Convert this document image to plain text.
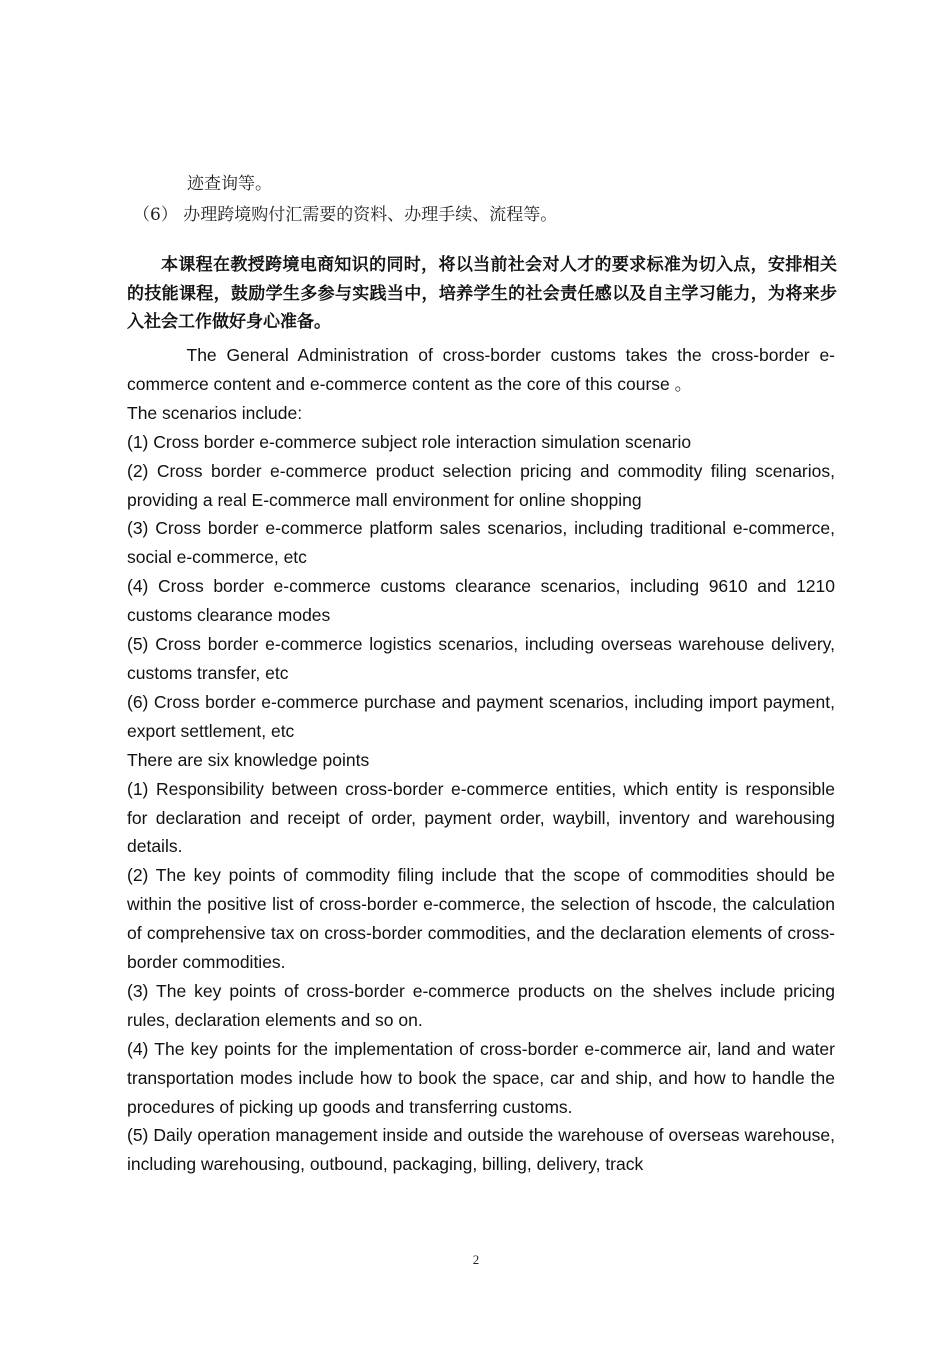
迹查询等。
（6） 办理跨境购付汇需要的资料、办理手续、流程等。
本课程在教授跨境电商知识的同时，将以当前社会对人才的要求标准为切入点，安排相关的技能课程，鼓励学生多参与实践当中，培养学生的社会责任感以及自主学习能力，为将来步入社会工作做好身心准备。

The General Administration of cross-border customs takes the cross-border e-commerce content and e-commerce content as the core of this course 。

The scenarios include:

(1) Cross border e-commerce subject role interaction simulation scenario

(2) Cross border e-commerce product selection pricing and commodity filing scenarios, providing a real E-commerce mall environment for online shopping

(3) Cross border e-commerce platform sales scenarios, including traditional e-commerce, social e-commerce, etc

(4) Cross border e-commerce customs clearance scenarios, including 9610 and 1210 customs clearance modes

(5) Cross border e-commerce logistics scenarios, including overseas warehouse delivery, customs transfer, etc

(6) Cross border e-commerce purchase and payment scenarios, including import payment, export settlement, etc

There are six knowledge points

(1) Responsibility between cross-border e-commerce entities, which entity is responsible for declaration and receipt of order, payment order, waybill, inventory and warehousing details.

(2) The key points of commodity filing include that the scope of commodities should be within the positive list of cross-border e-commerce, the selection of hscode, the calculation of comprehensive tax on cross-border commodities, and the declaration elements of cross-border commodities.

(3) The key points of cross-border e-commerce products on the shelves include pricing rules, declaration elements and so on.

(4) The key points for the implementation of cross-border e-commerce air, land and water transportation modes include how to book the space, car and ship, and how to handle the procedures of picking up goods and transferring customs.

(5) Daily operation management inside and outside the warehouse of overseas warehouse, including warehousing, outbound, packaging, billing, delivery, track

2
